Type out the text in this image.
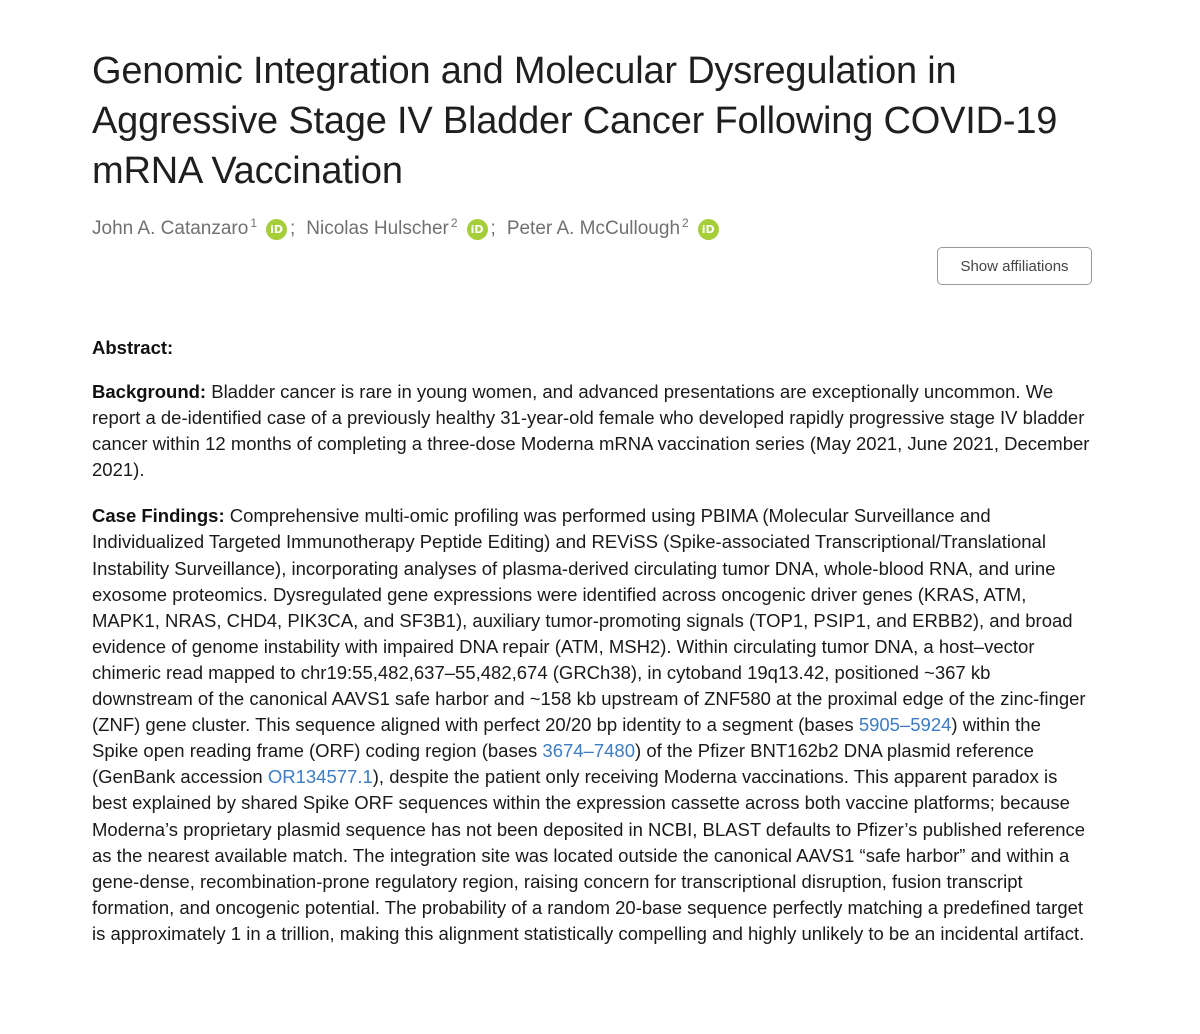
Genomic Integration and Molecular Dysregulation in Aggressive Stage IV Bladder Cancer Following COVID-19 mRNA Vaccination
John A. Catanzaro$^1$	iD ; Nicolas Hulscher$^2$	iD ; Peter A. McCullough$^2$	iD
Show affiliations
Abstract:
Background: Bladder cancer is rare in young women, and advanced presentations are exceptionally uncommon. We report a de-identified case of a previously healthy 31-year-old female who developed rapidly progressive stage IV bladder cancer within 12 months of completing a three-dose Moderna mRNA vaccination series (May 2021, June 2021, December 2021).
Case Findings: Comprehensive multi-omic profiling was performed using PBIMA (Molecular Surveillance and Individualized Targeted Immunotherapy Peptide Editing) and REViSS (Spike-associated Transcriptional/Translational Instability Surveillance), incorporating analyses of plasma-derived circulating tumor DNA, whole-blood RNA, and urine exosome proteomics. Dysregulated gene expressions were identified across oncogenic driver genes (KRAS, ATM, MAPK1, NRAS, CHD4, PIK3CA, and SF3B1), auxiliary tumor-promoting signals (TOP1, PSIP1, and ERBB2), and broad evidence of genome instability with impaired DNA repair (ATM, MSH2). Within circulating tumor DNA, a host–vector chimeric read mapped to chr19:55,482,637–55,482,674 (GRCh38), in cytoband 19q13.42, positioned ~367 kb downstream of the canonical AAVS1 safe harbor and ~158 kb upstream of ZNF580 at the proximal edge of the zinc-finger (ZNF) gene cluster. This sequence aligned with perfect 20/20 bp identity to a segment (bases 5905–5924) within the Spike open reading frame (ORF) coding region (bases 3674–7480) of the Pfizer BNT162b2 DNA plasmid reference (GenBank accession OR134577.1), despite the patient only receiving Moderna vaccinations. This apparent paradox is best explained by shared Spike ORF sequences within the expression cassette across both vaccine platforms; because Moderna’s proprietary plasmid sequence has not been deposited in NCBI, BLAST defaults to Pfizer’s published reference as the nearest available match. The integration site was located outside the canonical AAVS1 “safe harbor” and within a gene-dense, recombination-prone regulatory region, raising concern for transcriptional disruption, fusion transcript formation, and oncogenic potential. The probability of a random 20-base sequence perfectly matching a predefined target is approximately 1 in a trillion, making this alignment statistically compelling and highly unlikely to be an incidental artifact.
